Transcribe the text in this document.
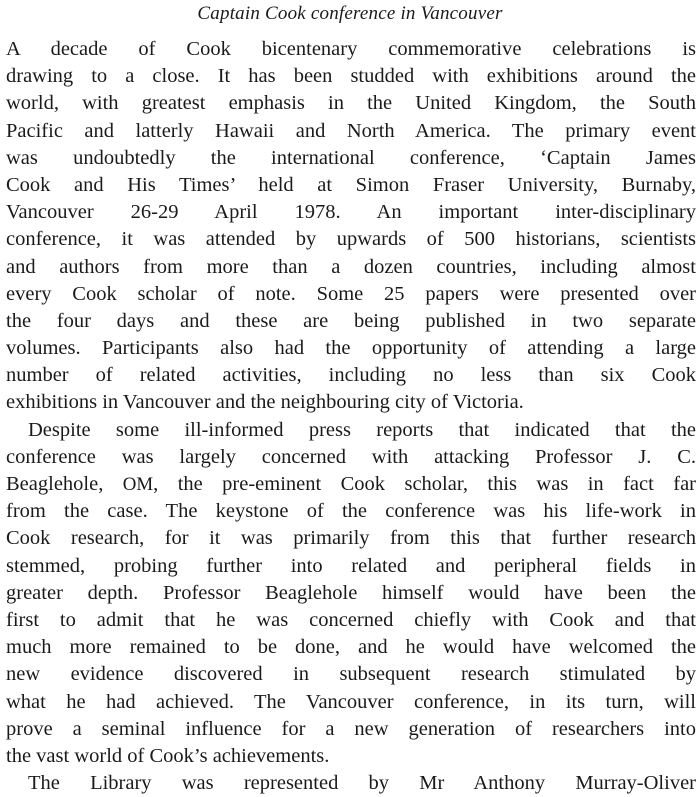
Captain Cook conference in Vancouver
A decade of Cook bicentenary commemorative celebrations is
drawing to a close. It has been studded with exhibitions around the
world, with greatest emphasis in the United Kingdom, the South
Pacific and latterly Hawaii and North America. The primary event
was undoubtedly the international conference, ‘Captain James
Cook and His Times’ held at Simon Fraser University, Burnaby,
Vancouver 26-29 April 1978. An important inter-disciplinary
conference, it was attended by upwards of 500 historians, scientists
and authors from more than a dozen countries, including almost
every Cook scholar of note. Some 25 papers were presented over
the four days and these are being published in two separate
volumes. Participants also had the opportunity of attending a large
number of related activities, including no less than six Cook
exhibitions in Vancouver and the neighbouring city of Victoria.
Despite some ill-informed press reports that indicated that the
conference was largely concerned with attacking Professor J. C.
Beaglehole, OM, the pre-eminent Cook scholar, this was in fact far
from the case. The keystone of the conference was his life-work in
Cook research, for it was primarily from this that further research
stemmed, probing further into related and peripheral fields in
greater depth. Professor Beaglehole himself would have been the
first to admit that he was concerned chiefly with Cook and that
much more remained to be done, and he would have welcomed the
new evidence discovered in subsequent research stimulated by
what he had achieved. The Vancouver conference, in its turn, will
prove a seminal influence for a new generation of researchers into
the vast world of Cook’s achievements.
The Library was represented by Mr Anthony Murray-Oliver
